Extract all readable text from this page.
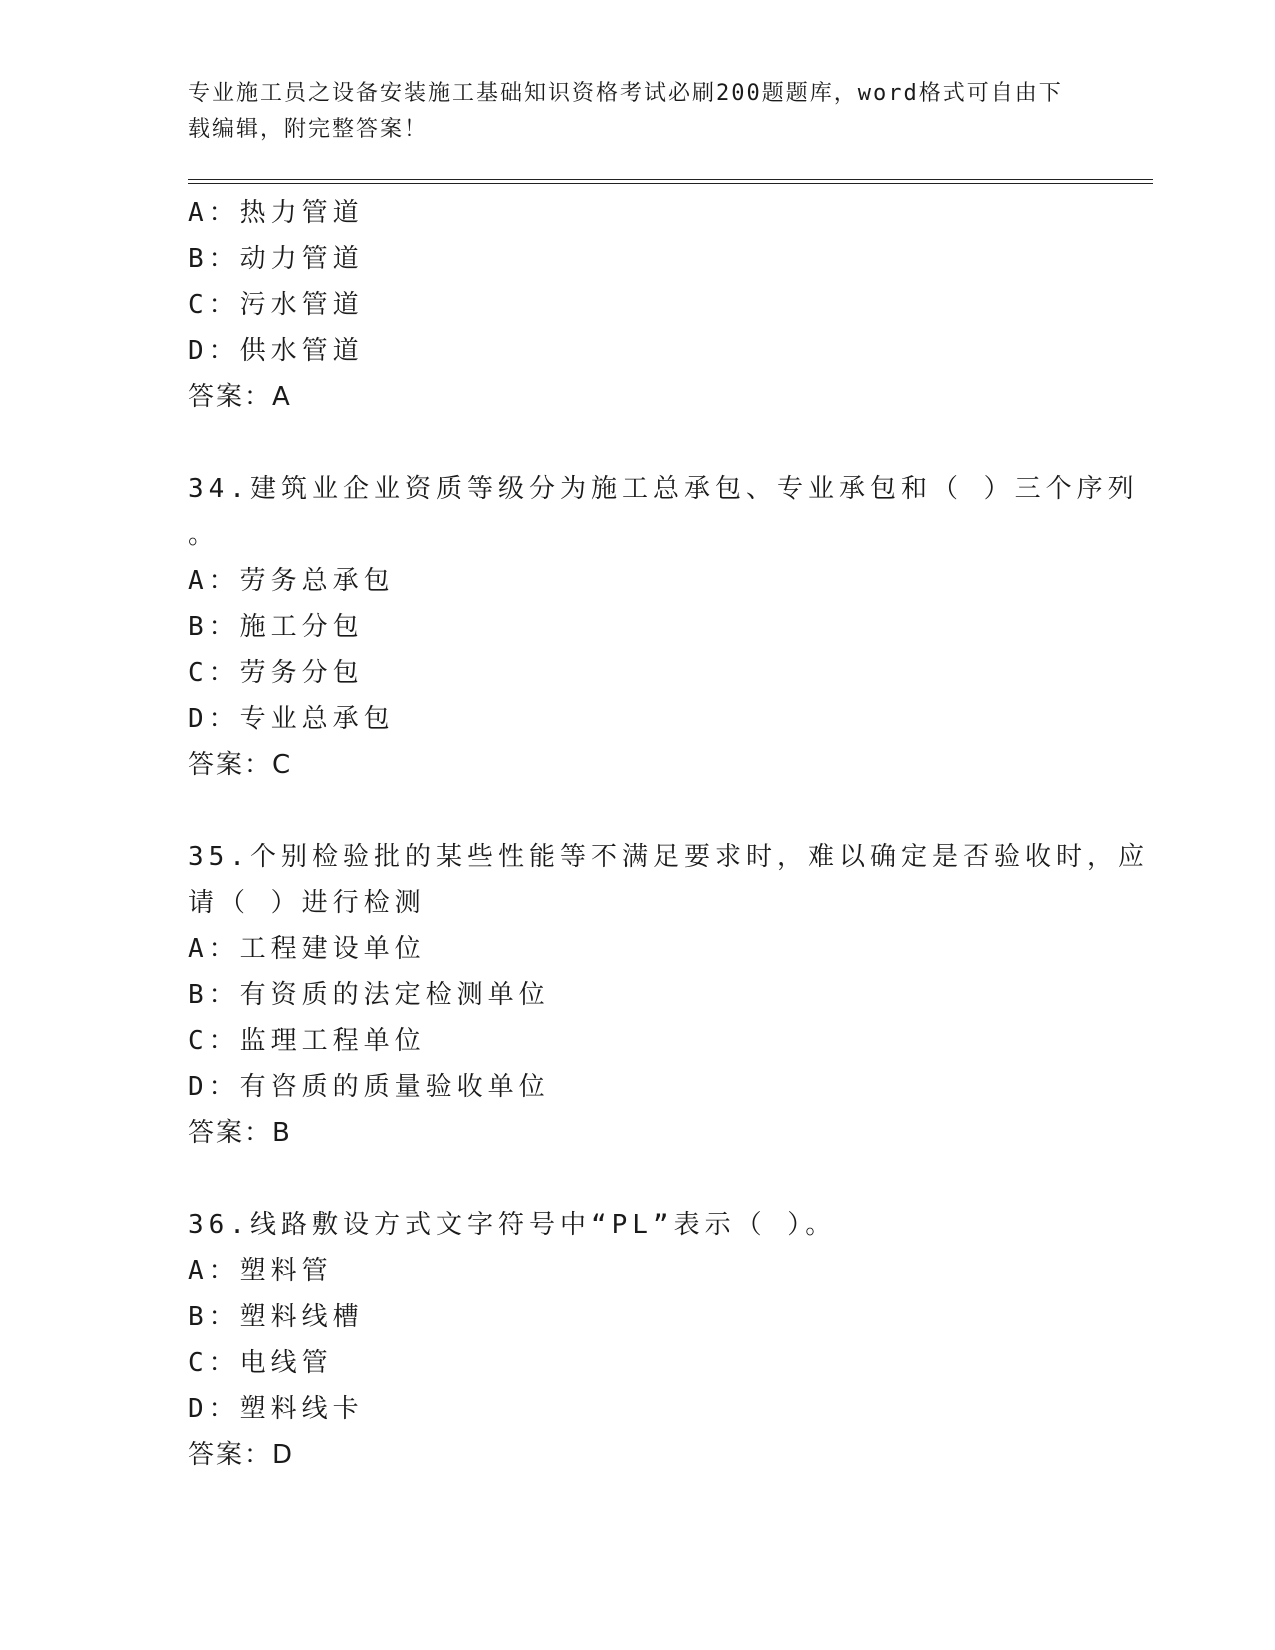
专业施工员之设备安装施工基础知识资格考试必刷200题题库，word格式可自由下载编辑，附完整答案！
A：热力管道
B：动力管道
C：污水管道
D：供水管道
答案：A
34.建筑业企业资质等级分为施工总承包、专业承包和（ ）三个序列
。
A：劳务总承包
B：施工分包
C：劳务分包
D：专业总承包
答案：C
35.个别检验批的某些性能等不满足要求时，难以确定是否验收时，应
请（ ）进行检测
A：工程建设单位
B：有资质的法定检测单位
C：监理工程单位
D：有咨质的质量验收单位
答案：B
36.线路敷设方式文字符号中“PL”表示（ ）。
A：塑料管
B：塑料线槽
C：电线管
D：塑料线卡
答案：D
